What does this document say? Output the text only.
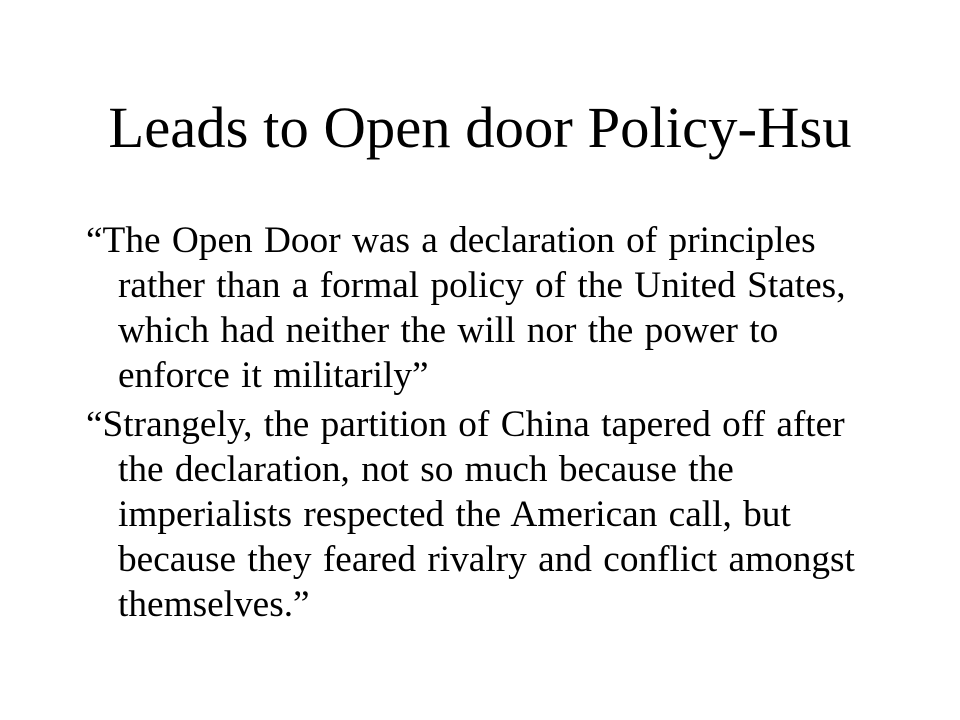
Leads to Open door Policy-Hsu

“The Open Door was a declaration of principles
rather than a formal policy of the United States,
which had neither the will nor the power to
enforce it militarily”

“Strangely, the partition of China tapered off after
the declaration, not so much because the
imperialists respected the American call, but
because they feared rivalry and conflict amongst
themselves.”
